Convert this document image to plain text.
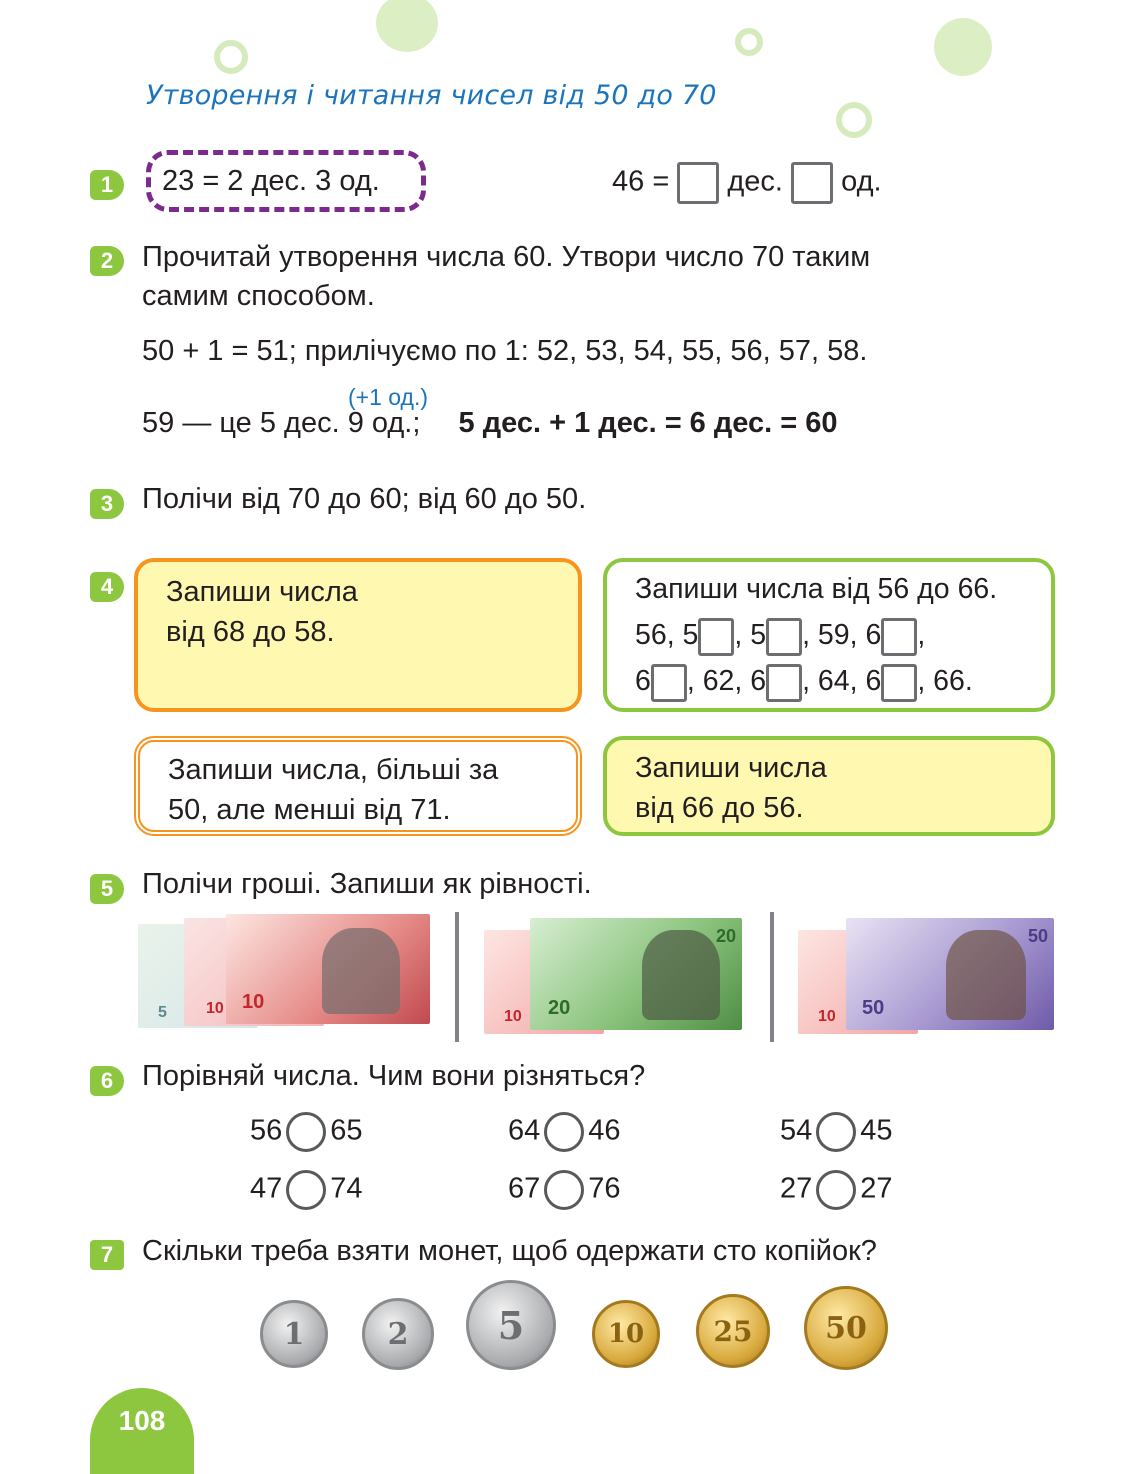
Утворення і читання чисел від 50 до 70
1	23 = 2 дес. 3 од.	46 = дес. од.
2 Прочитай утворення числа 60. Утвори число 70 таким
самим способом.
50 + 1 = 51; прилічуємо по 1: 52, 53, 54, 55, 56, 57, 58.
(+1 од.)
59 — це 5 дес. 9 од.; 5 дес. + 1 дес. = 6 дес. = 60
3 Полічи від 70 до 60; від 60 до 50.
4	Запиши числа
від 68 до 58.
Запиши числа від 56 до 66.
56, 5 , 5 , 59, 6 ,
6 , 62, 6 , 64, 6 , 66.
Запиши числа, більші за
50, але менші від 71.
Запиши числа
від 66 до 56.
5 Полічи гроші. Запиши як рівності.
5 10 10
10 20
20
10 50
50
6 Порівняй числа. Чим вони різняться?
56 65	64 46	54 45
47 74	67 76	27 27
7 Скільки треба взяти монет, щоб одержати сто копійок?
1	2 5	10 25 50
108
